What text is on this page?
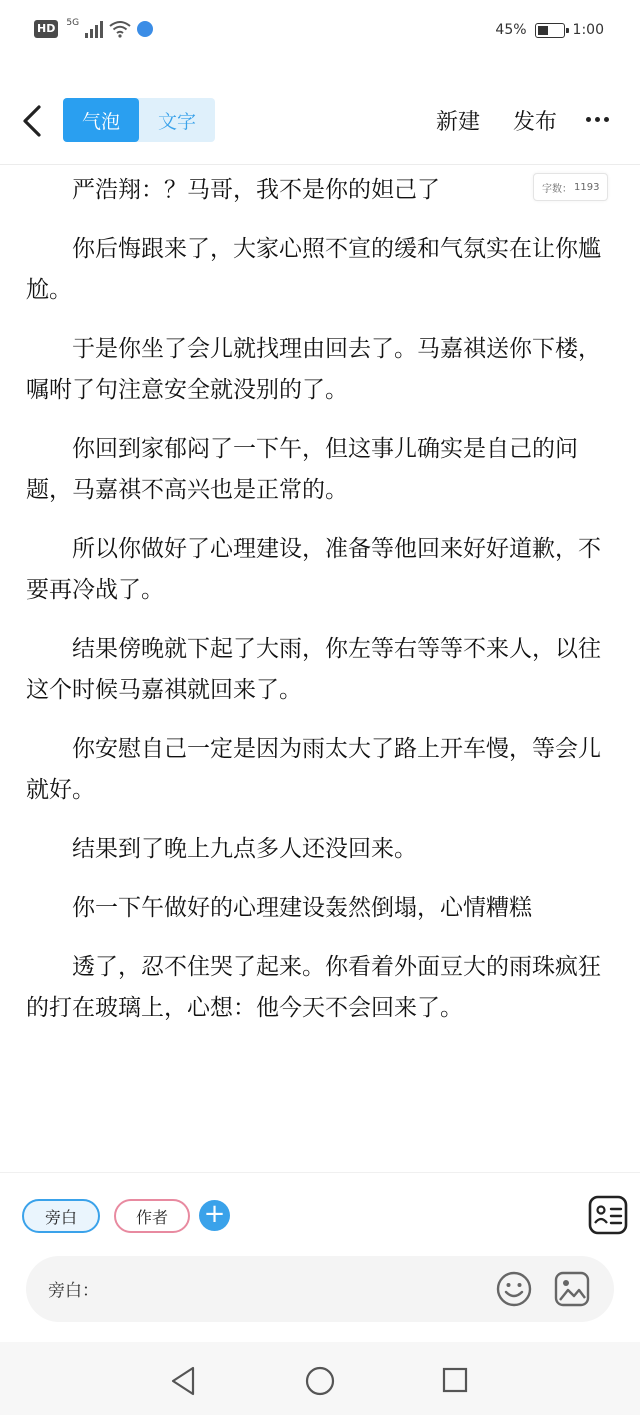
HD	5G	45%	1:00
气泡	文字	新建 发布

严浩翔：？马哥，我不是你的妲己了

你后悔跟来了，大家心照不宣的缓和气氛实在让你尴尬。

于是你坐了会儿就找理由回去了。马嘉祺送你下楼，嘱咐了句注意安全就没别的了。

你回到家郁闷了一下午，但这事儿确实是自己的问题，马嘉祺不高兴也是正常的。

所以你做好了心理建设，准备等他回来好好道歉，不要再冷战了。

结果傍晚就下起了大雨，你左等右等等不来人，以往这个时候马嘉祺就回来了。

你安慰自己一定是因为雨太大了路上开车慢，等会儿就好。

结果到了晚上九点多人还没回来。

你一下午做好的心理建设轰然倒塌，心情糟糕

透了，忍不住哭了起来。你看着外面豆大的雨珠疯狂的打在玻璃上，心想：他今天不会回来了。

字数： 1193
旁白	作者	+
旁白：
